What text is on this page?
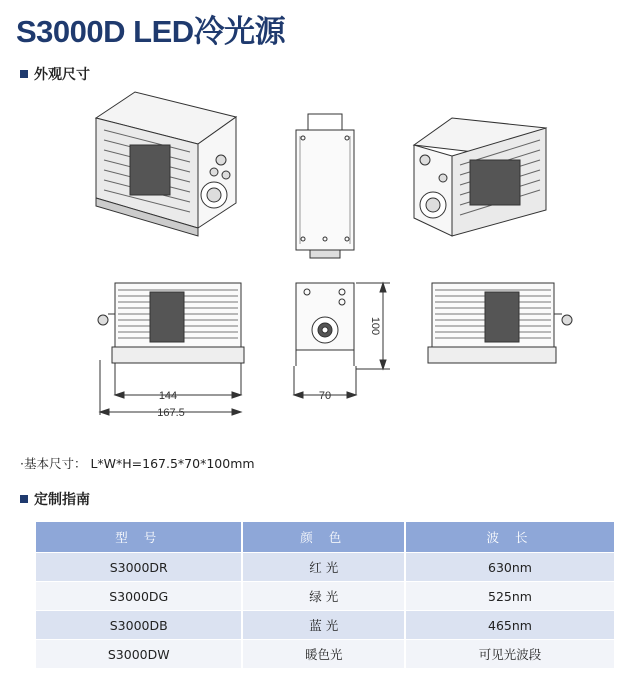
S3000D LED冷光源
外观尺寸
144
167.5
70
100
·基本尺寸： L*W*H=167.5*70*100mm
定制指南
型 号	颜 色	波 长
S3000DR	红 光	630nm
S3000DG	绿 光	525nm
S3000DB	蓝 光	465nm
S3000DW	暖色光	可见光波段
